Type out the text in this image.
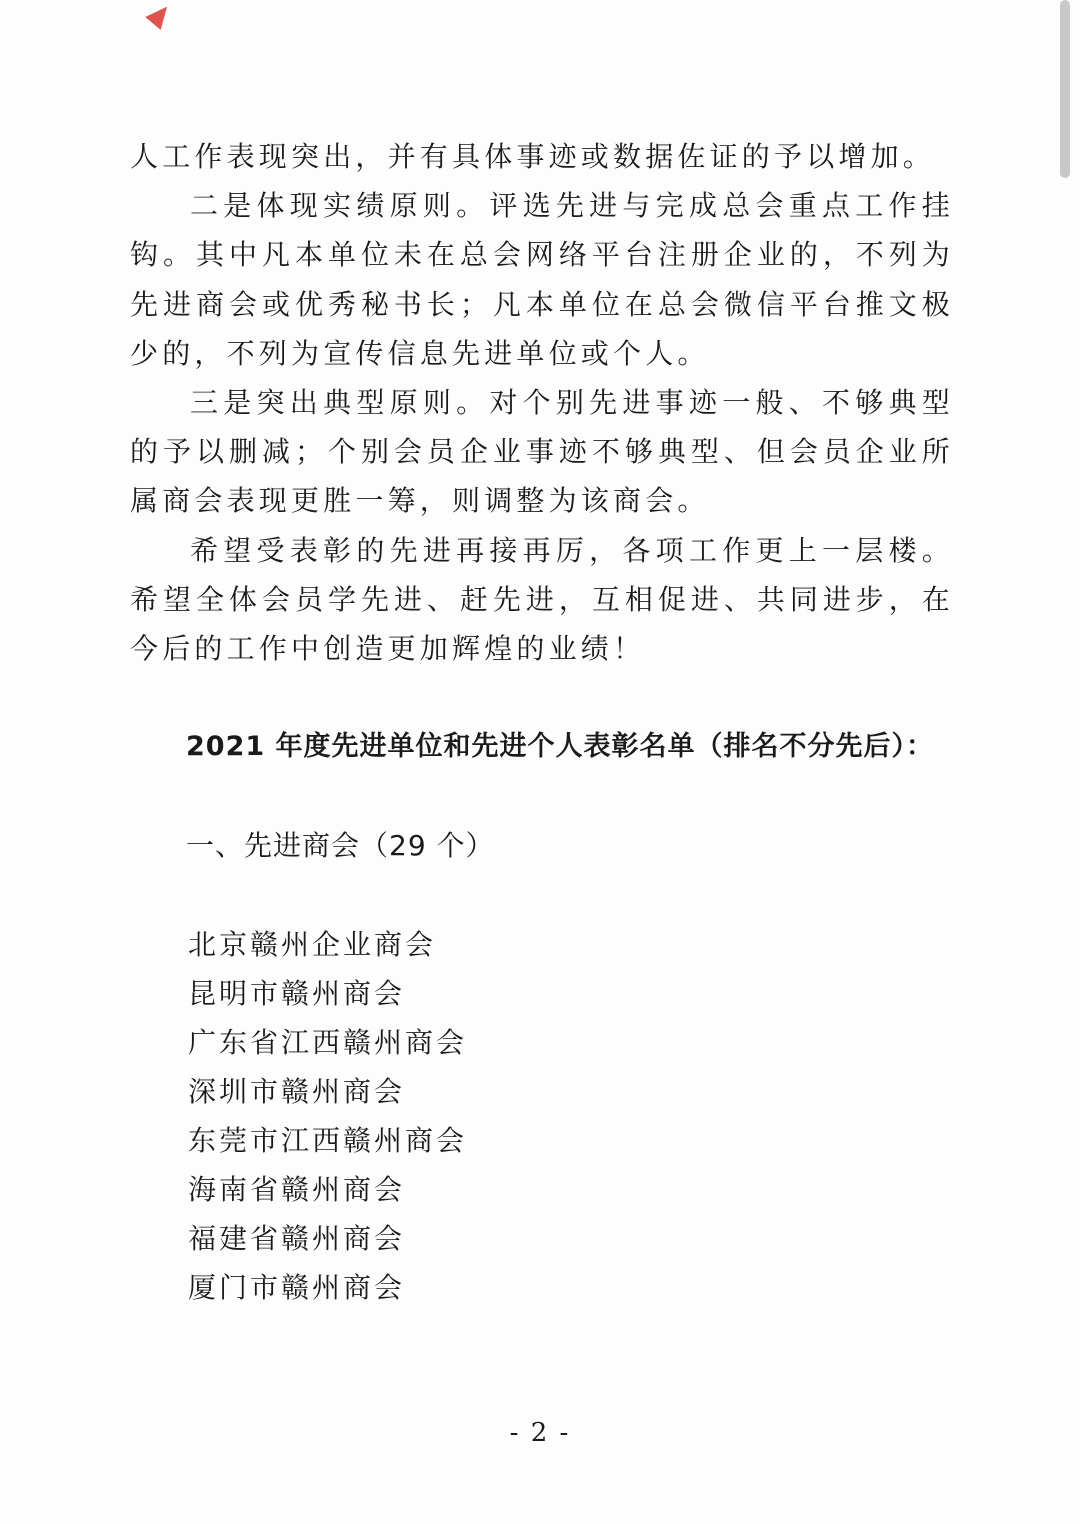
人工作表现突出，并有具体事迹或数据佐证的予以增加。

二是体现实绩原则。评选先进与完成总会重点工作挂钩。其中凡本单位未在总会网络平台注册企业的，不列为先进商会或优秀秘书长；凡本单位在总会微信平台推文极少的，不列为宣传信息先进单位或个人。

三是突出典型原则。对个别先进事迹一般、不够典型的予以删减；个别会员企业事迹不够典型、但会员企业所属商会表现更胜一筹，则调整为该商会。

希望受表彰的先进再接再厉，各项工作更上一层楼。希望全体会员学先进、赶先进，互相促进、共同进步，在今后的工作中创造更加辉煌的业绩！

2021 年度先进单位和先进个人表彰名单（排名不分先后）：
一、先进商会（29 个）
北京赣州企业商会
昆明市赣州商会
广东省江西赣州商会
深圳市赣州商会
东莞市江西赣州商会
海南省赣州商会
福建省赣州商会
厦门市赣州商会
- 2 -
